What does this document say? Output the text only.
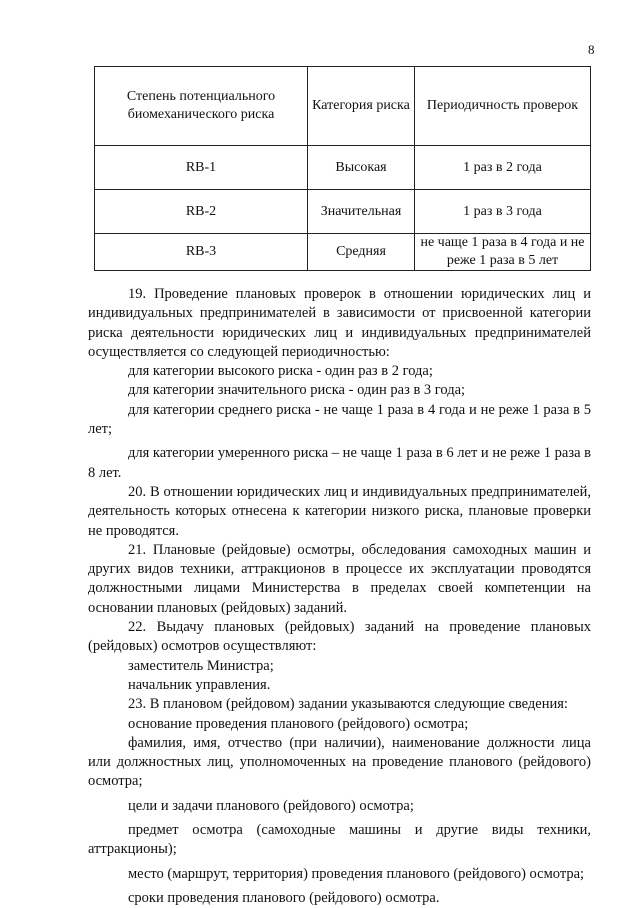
8
Степень потенциального биомеханического риска	Категория риска	Периодичность проверок
RB-1	Высокая	1 раз в 2 года
RB-2	Значительная	1 раз в 3 года
RB-3	Средняя	не чаще 1 раза в 4 года и не реже 1 раза в 5 лет

19. Проведение плановых проверок в отношении юридических лиц и индивидуальных предпринимателей в зависимости от присвоенной категории риска деятельности юридических лиц и индивидуальных предпринимателей осуществляется со следующей периодичностью:

для категории высокого риска - один раз в 2 года;

для категории значительного риска - один раз в 3 года;

для категории среднего риска - не чаще 1 раза в 4 года и не реже 1 раза в 5 лет;

для категории умеренного риска – не чаще 1 раза в 6 лет и не реже 1 раза в 8 лет.

20. В отношении юридических лиц и индивидуальных предпринимателей, деятельность которых отнесена к категории низкого риска, плановые проверки не проводятся.

21. Плановые (рейдовые) осмотры, обследования самоходных машин и других видов техники, аттракционов в процессе их эксплуатации проводятся должностными лицами Министерства в пределах своей компетенции на основании плановых (рейдовых) заданий.

22. Выдачу плановых (рейдовых) заданий на проведение плановых (рейдовых) осмотров осуществляют:

заместитель Министра;

начальник управления.

23. В плановом (рейдовом) задании указываются следующие сведения:

основание проведения планового (рейдового) осмотра;

фамилия, имя, отчество (при наличии), наименование должности лица или должностных лиц, уполномоченных на проведение планового (рейдового) осмотра;

цели и задачи планового (рейдового) осмотра;

предмет осмотра (самоходные машины и другие виды техники, аттракционы);

место (маршрут, территория) проведения планового (рейдового) осмотра;

сроки проведения планового (рейдового) осмотра.
